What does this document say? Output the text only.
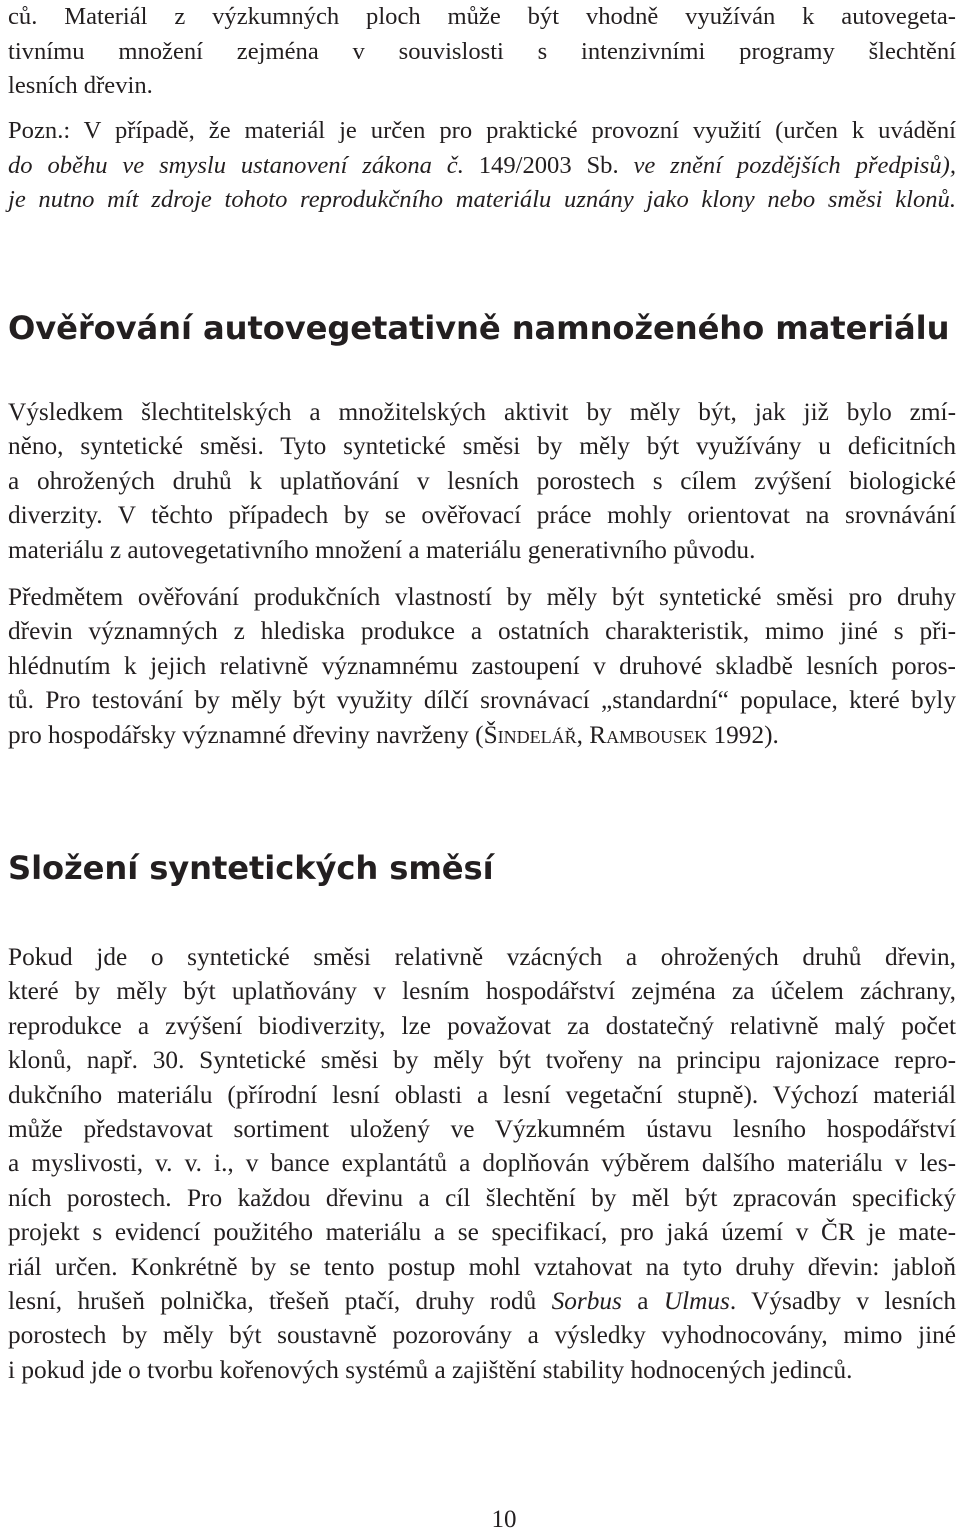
ců. Materiál z výzkumných ploch může být vhodně využíván k autovegeta-
tivnímu množení zejména v souvislosti s intenzivními programy šlechtění
lesních dřevin.
Pozn.: V případě, že materiál je určen pro praktické provozní využití (určen k uvádění
do oběhu ve smyslu ustanovení zákona č. 149/2003 Sb. ve znění pozdějších předpisů),
je nutno mít zdroje tohoto reprodukčního materiálu uznány jako klony nebo směsi klonů.
Ověřování autovegetativně namnoženého materiálu
Výsledkem šlechtitelských a množitelských aktivit by měly být, jak již bylo zmí-
něno, syntetické směsi. Tyto syntetické směsi by měly být využívány u deficitních
a ohrožených druhů k uplatňování v lesních porostech s cílem zvýšení biologické
diverzity. V těchto případech by se ověřovací práce mohly orientovat na srovnávání
materiálu z autovegetativního množení a materiálu generativního původu.
Předmětem ověřování produkčních vlastností by měly být syntetické směsi pro druhy
dřevin významných z hlediska produkce a ostatních charakteristik, mimo jiné s při-
hlédnutím k jejich relativně významnému zastoupení v druhové skladbě lesních poros-
tů. Pro testování by měly být využity dílčí srovnávací „standardní“ populace, které byly
pro hospodářsky významné dřeviny navrženy (Šindelář, Rambousek 1992).
Složení syntetických směsí
Pokud jde o syntetické směsi relativně vzácných a ohrožených druhů dřevin,
které by měly být uplatňovány v lesním hospodářství zejména za účelem záchrany,
reprodukce a zvýšení biodiverzity, lze považovat za dostatečný relativně malý počet
klonů, např. 30. Syntetické směsi by měly být tvořeny na principu rajonizace repro-
dukčního materiálu (přírodní lesní oblasti a lesní vegetační stupně). Výchozí materiál
může představovat sortiment uložený ve Výzkumném ústavu lesního hospodářství
a myslivosti, v. v. i., v bance explantátů a doplňován výběrem dalšího materiálu v les-
ních porostech. Pro každou dřevinu a cíl šlechtění by měl být zpracován specifický
projekt s evidencí použitého materiálu a se specifikací, pro jaká území v ČR je mate-
riál určen. Konkrétně by se tento postup mohl vztahovat na tyto druhy dřevin: jabloň
lesní, hrušeň polnička, třešeň ptačí, druhy rodů Sorbus a Ulmus. Výsadby v lesních
porostech by měly být soustavně pozorovány a výsledky vyhodnocovány, mimo jiné
i pokud jde o tvorbu kořenových systémů a zajištění stability hodnocených jedinců.
10
